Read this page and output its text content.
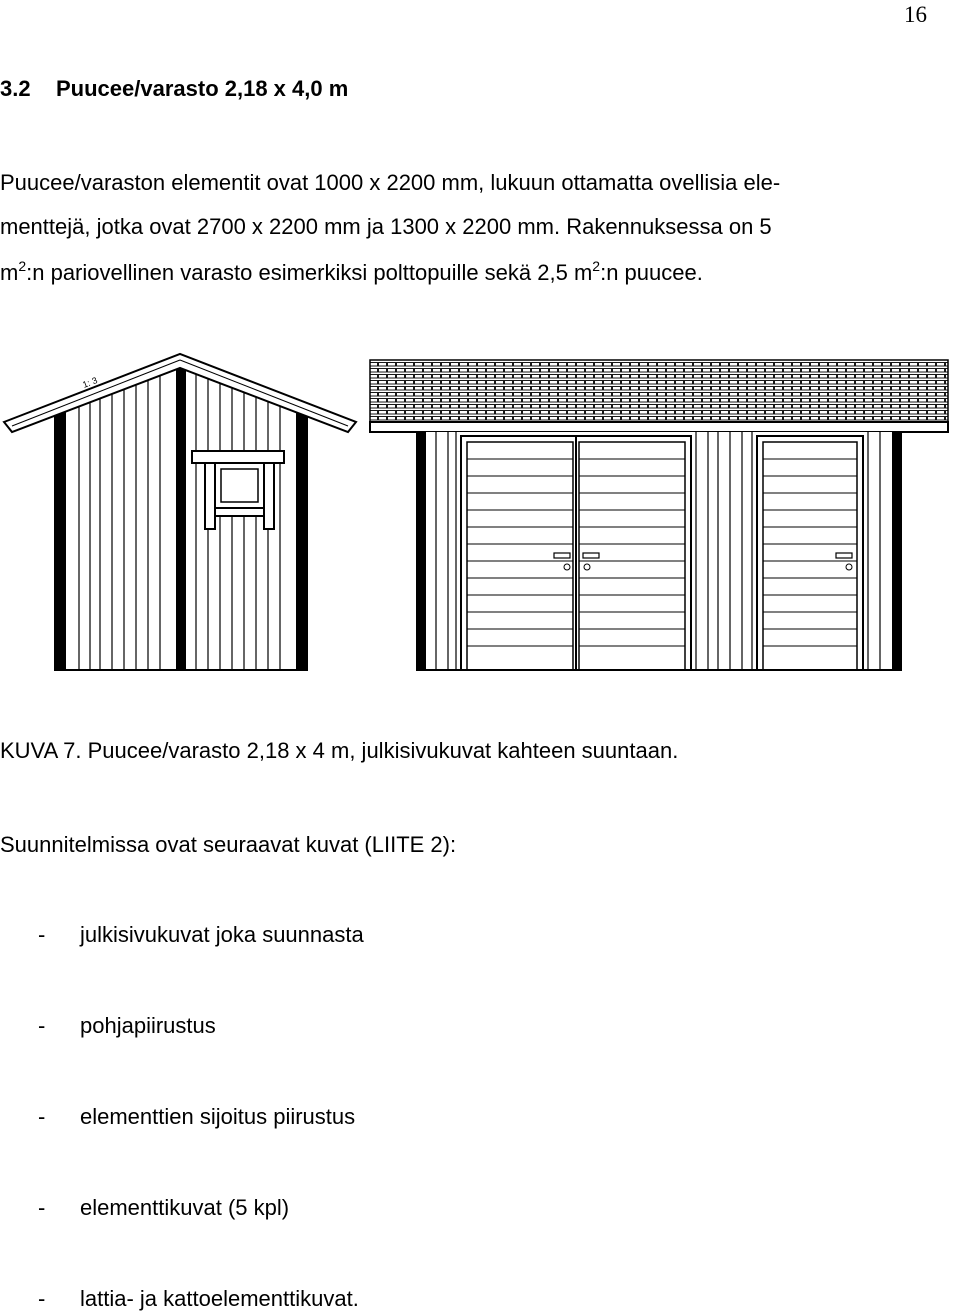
16
3.2 Puucee/varasto 2,18 x 4,0 m
Puucee/varaston elementit ovat 1000 x 2200 mm, lukuun ottamatta ovellisia ele-
menttejä, jotka ovat 2700 x 2200 mm ja 1300 x 2200 mm. Rakennuksessa on 5
$m^2:n$ pariovellinen varasto esimerkiksi polttopuille sekä 2,5 $m^2:n$ puucee.
1: 3
KUVA 7. Puucee/varasto 2,18 x 4 m, julkisivukuvat kahteen suuntaan.
Suunnitelmissa ovat seuraavat kuvat (LIITE 2):
- julkisivukuvat joka suunnasta
- pohjapiirustus
- elementtien sijoitus piirustus
- elementtikuvat (5 kpl)
- lattia- ja kattoelementtikuvat.
